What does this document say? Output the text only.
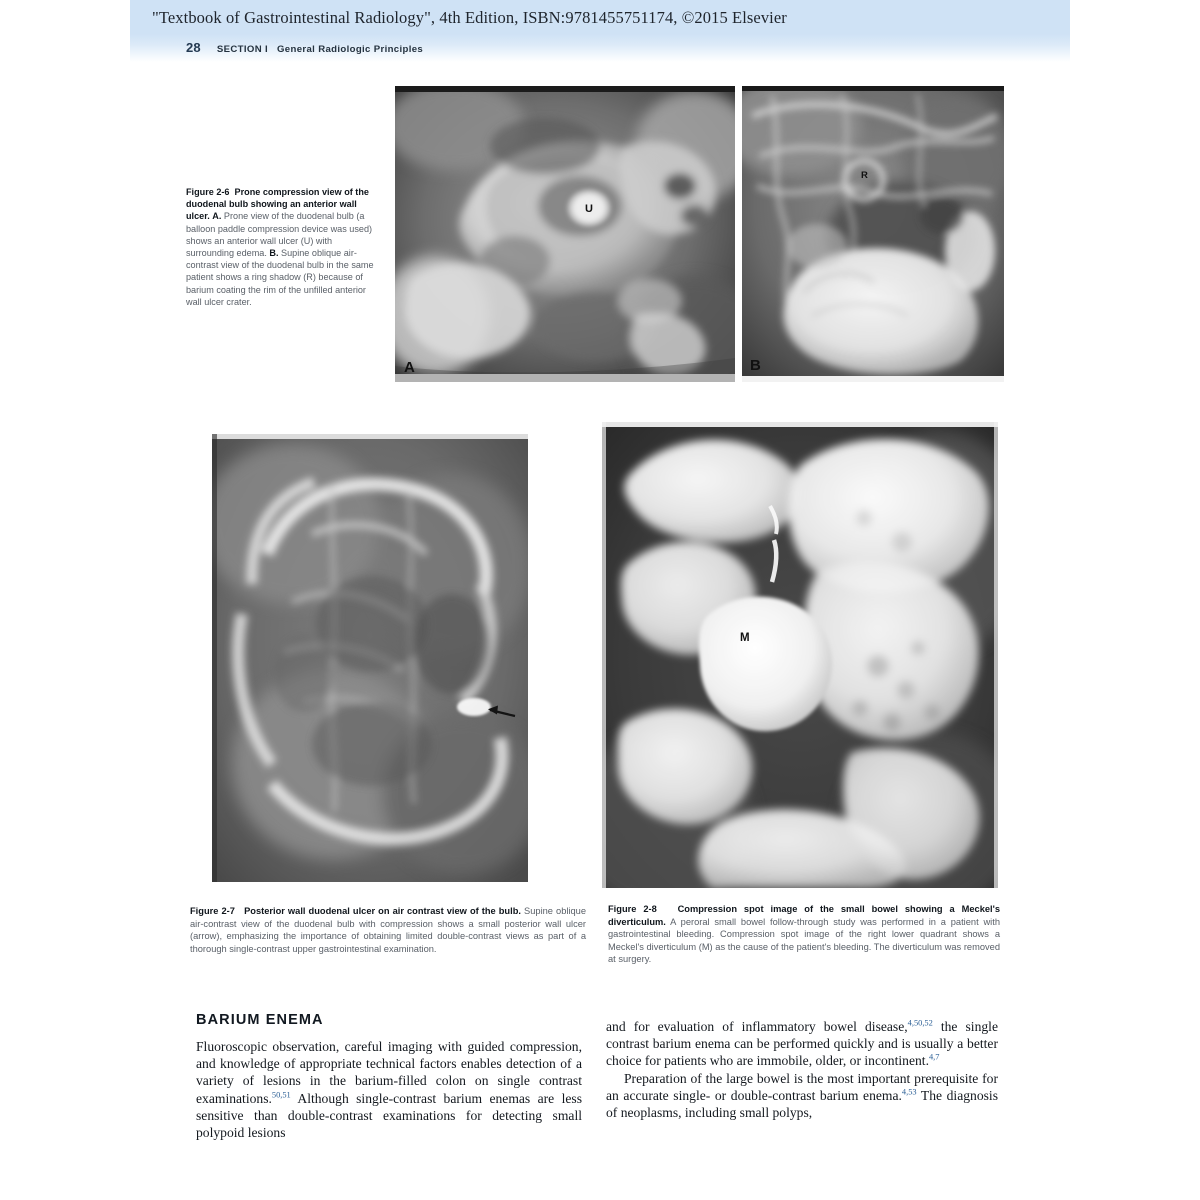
U
A
R
B
Figure 2-6 Prone compression view of the duodenal bulb showing an anterior wall ulcer. A. Prone view of the duodenal bulb (a balloon paddle compression device was used) shows an anterior wall ulcer (U) with surrounding edema. B. Supine oblique air-contrast view of the duodenal bulb in the same patient shows a ring shadow (R) because of barium coating the rim of the unfilled anterior wall ulcer crater.
M
Figure 2-7 Posterior wall duodenal ulcer on air contrast view of the bulb. Supine oblique air-contrast view of the duodenal bulb with compression shows a small posterior wall ulcer (arrow), emphasizing the importance of obtaining limited double-contrast views as part of a thorough single-contrast upper gastrointestinal examination.
Figure 2-8 Compression spot image of the small bowel showing a Meckel's diverticulum. A peroral small bowel follow-through study was performed in a patient with gastrointestinal bleeding. Compression spot image of the right lower quadrant shows a Meckel's diverticulum (M) as the cause of the patient's bleeding. The diverticulum was removed at surgery.
BARIUM ENEMA

Fluoroscopic observation, careful imaging with guided compression, and knowledge of appropriate technical factors enables detection of a variety of lesions in the barium-filled colon on single contrast examinations.$^{50,51}$ Although single-contrast barium enemas are less sensitive than double-contrast examinations for detecting small polypoid lesions

and for evaluation of inflammatory bowel disease,$^{4,50,52}$ the single contrast barium enema can be performed quickly and is usually a better choice for patients who are immobile, older, or incontinent.$^{4,7}$

Preparation of the large bowel is the most important prerequisite for an accurate single- or double-contrast barium enema.$^{4,53}$ The diagnosis of neoplasms, including small polyps,

"Textbook of Gastrointestinal Radiology", 4th Edition, ISBN:9781455751174, ©2015 Elsevier
28 SECTION I General Radiologic Principles
